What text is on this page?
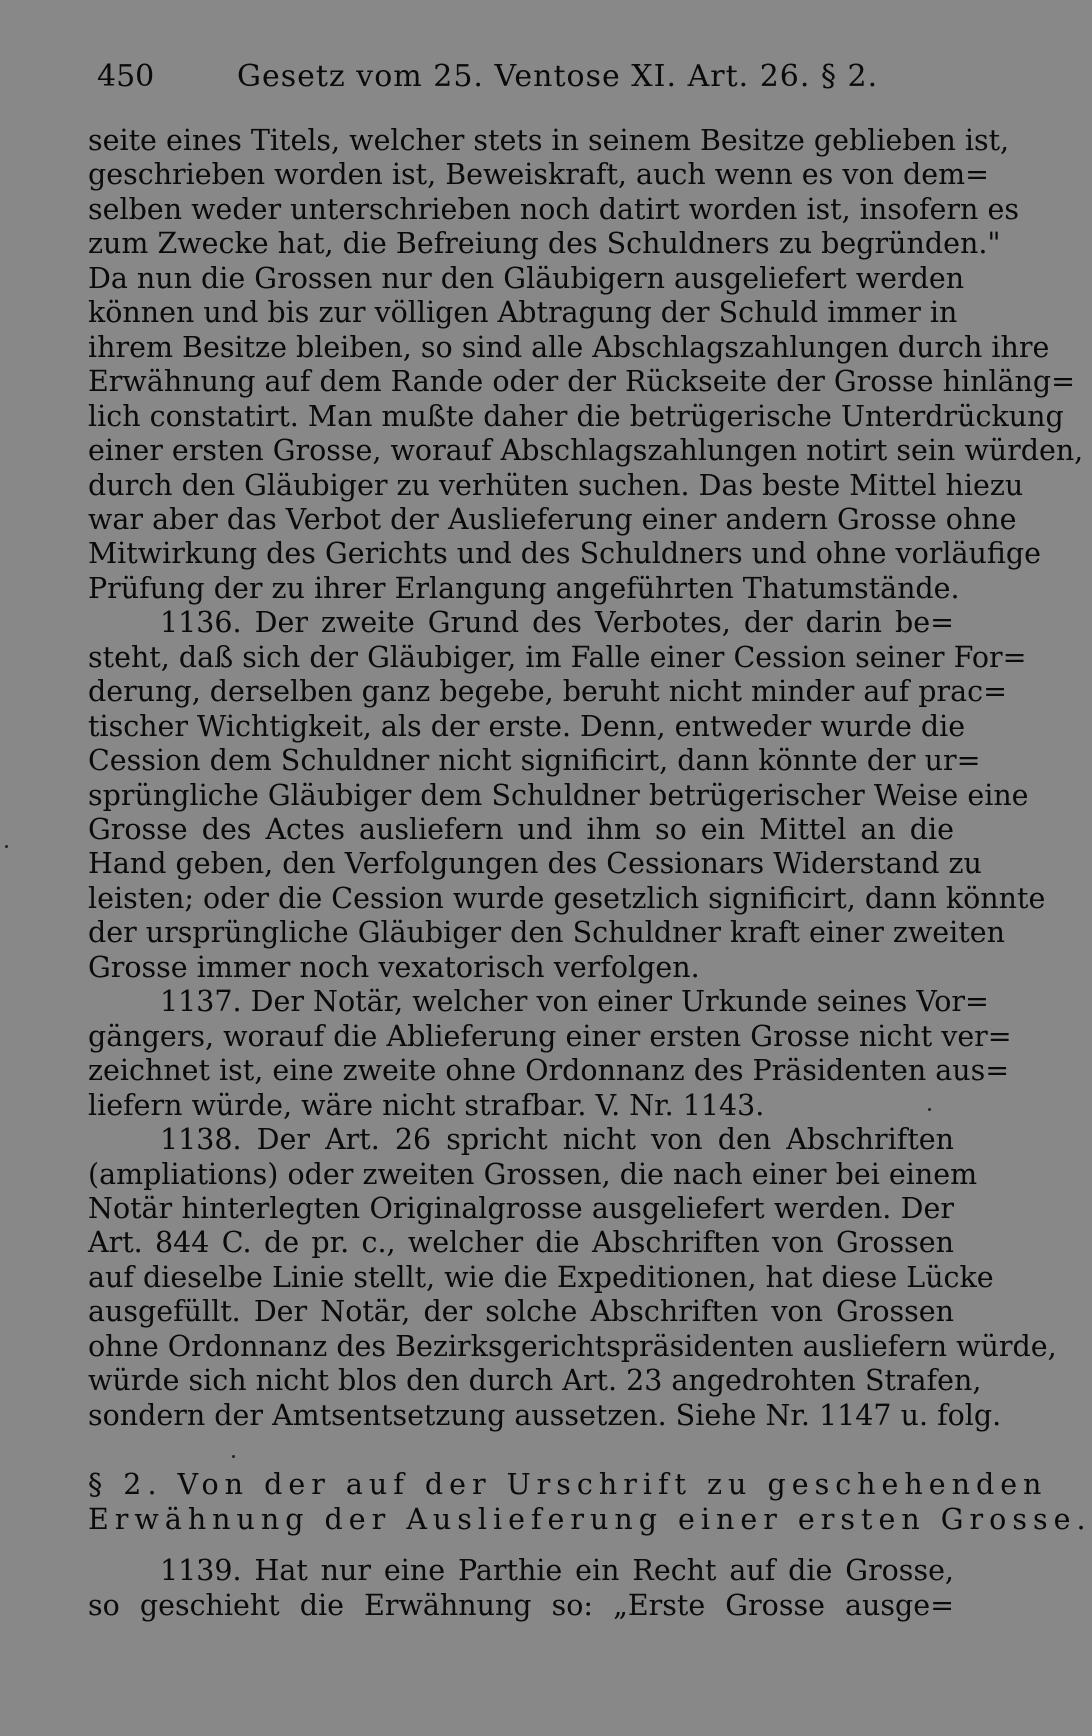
450	Gesetz vom 25. Ventose XI. Art. 26. § 2.
seite eines Titels, welcher stets in seinem Besitze geblieben ist,
geschrieben worden ist, Beweiskraft, auch wenn es von dem=
selben weder unterschrieben noch datirt worden ist, insofern es
zum Zwecke hat, die Befreiung des Schuldners zu begründen."
Da nun die Grossen nur den Gläubigern ausgeliefert werden
können und bis zur völligen Abtragung der Schuld immer in
ihrem Besitze bleiben, so sind alle Abschlagszahlungen durch ihre
Erwähnung auf dem Rande oder der Rückseite der Grosse hinläng=
lich constatirt. Man mußte daher die betrügerische Unterdrückung
einer ersten Grosse, worauf Abschlagszahlungen notirt sein würden,
durch den Gläubiger zu verhüten suchen. Das beste Mittel hiezu
war aber das Verbot der Auslieferung einer andern Grosse ohne
Mitwirkung des Gerichts und des Schuldners und ohne vorläufige
Prüfung der zu ihrer Erlangung angeführten Thatumstände.
1136. Der zweite Grund des Verbotes, der darin be=
steht, daß sich der Gläubiger, im Falle einer Cession seiner For=
derung, derselben ganz begebe, beruht nicht minder auf prac=
tischer Wichtigkeit, als der erste. Denn, entweder wurde die
Cession dem Schuldner nicht significirt, dann könnte der ur=
sprüngliche Gläubiger dem Schuldner betrügerischer Weise eine
Grosse des Actes ausliefern und ihm so ein Mittel an die
Hand geben, den Verfolgungen des Cessionars Widerstand zu
leisten; oder die Cession wurde gesetzlich significirt, dann könnte
der ursprüngliche Gläubiger den Schuldner kraft einer zweiten
Grosse immer noch vexatorisch verfolgen.
1137. Der Notär, welcher von einer Urkunde seines Vor=
gängers, worauf die Ablieferung einer ersten Grosse nicht ver=
zeichnet ist, eine zweite ohne Ordonnanz des Präsidenten aus=
liefern würde, wäre nicht strafbar. V. Nr. 1143.
1138. Der Art. 26 spricht nicht von den Abschriften
(ampliations) oder zweiten Grossen, die nach einer bei einem
Notär hinterlegten Originalgrosse ausgeliefert werden. Der
Art. 844 C. de pr. c., welcher die Abschriften von Grossen
auf dieselbe Linie stellt, wie die Expeditionen, hat diese Lücke
ausgefüllt. Der Notär, der solche Abschriften von Grossen
ohne Ordonnanz des Bezirksgerichtspräsidenten ausliefern würde,
würde sich nicht blos den durch Art. 23 angedrohten Strafen,
sondern der Amtsentsetzung aussetzen. Siehe Nr. 1147 u. folg.
§ 2. Von der auf der Urschrift zu geschehenden
Erwähnung der Auslieferung einer ersten Grosse.
1139. Hat nur eine Parthie ein Recht auf die Grosse,
so geschieht die Erwähnung so: „Erste Grosse ausge=
